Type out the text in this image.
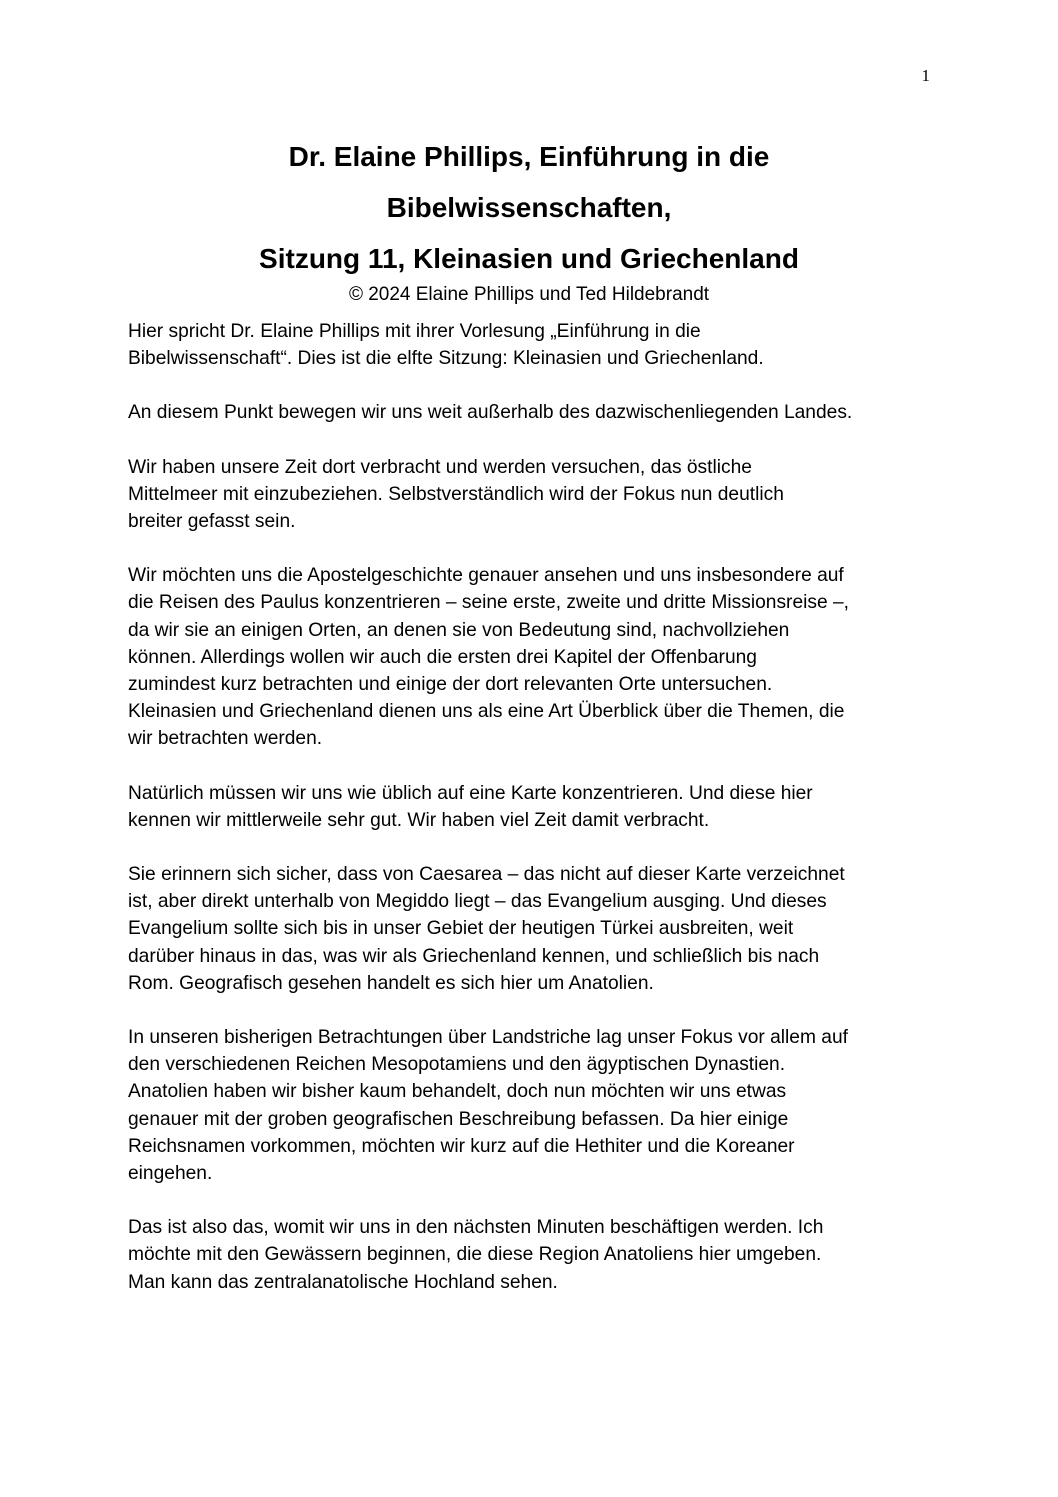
1
Dr. Elaine Phillips, Einführung in die
Bibelwissenschaften,
Sitzung 11, Kleinasien und Griechenland
© 2024 Elaine Phillips und Ted Hildebrandt
Hier spricht Dr. Elaine Phillips mit ihrer Vorlesung „Einführung in die
Bibelwissenschaft“. Dies ist die elfte Sitzung: Kleinasien und Griechenland.
An diesem Punkt bewegen wir uns weit außerhalb des dazwischenliegenden Landes.
Wir haben unsere Zeit dort verbracht und werden versuchen, das östliche
Mittelmeer mit einzubeziehen. Selbstverständlich wird der Fokus nun deutlich
breiter gefasst sein.
Wir möchten uns die Apostelgeschichte genauer ansehen und uns insbesondere auf
die Reisen des Paulus konzentrieren – seine erste, zweite und dritte Missionsreise –,
da wir sie an einigen Orten, an denen sie von Bedeutung sind, nachvollziehen
können. Allerdings wollen wir auch die ersten drei Kapitel der Offenbarung
zumindest kurz betrachten und einige der dort relevanten Orte untersuchen.
Kleinasien und Griechenland dienen uns als eine Art Überblick über die Themen, die
wir betrachten werden.
Natürlich müssen wir uns wie üblich auf eine Karte konzentrieren. Und diese hier
kennen wir mittlerweile sehr gut. Wir haben viel Zeit damit verbracht.
Sie erinnern sich sicher, dass von Caesarea – das nicht auf dieser Karte verzeichnet
ist, aber direkt unterhalb von Megiddo liegt – das Evangelium ausging. Und dieses
Evangelium sollte sich bis in unser Gebiet der heutigen Türkei ausbreiten, weit
darüber hinaus in das, was wir als Griechenland kennen, und schließlich bis nach
Rom. Geografisch gesehen handelt es sich hier um Anatolien.
In unseren bisherigen Betrachtungen über Landstriche lag unser Fokus vor allem auf
den verschiedenen Reichen Mesopotamiens und den ägyptischen Dynastien.
Anatolien haben wir bisher kaum behandelt, doch nun möchten wir uns etwas
genauer mit der groben geografischen Beschreibung befassen. Da hier einige
Reichsnamen vorkommen, möchten wir kurz auf die Hethiter und die Koreaner
eingehen.
Das ist also das, womit wir uns in den nächsten Minuten beschäftigen werden. Ich
möchte mit den Gewässern beginnen, die diese Region Anatoliens hier umgeben.
Man kann das zentralanatolische Hochland sehen.
